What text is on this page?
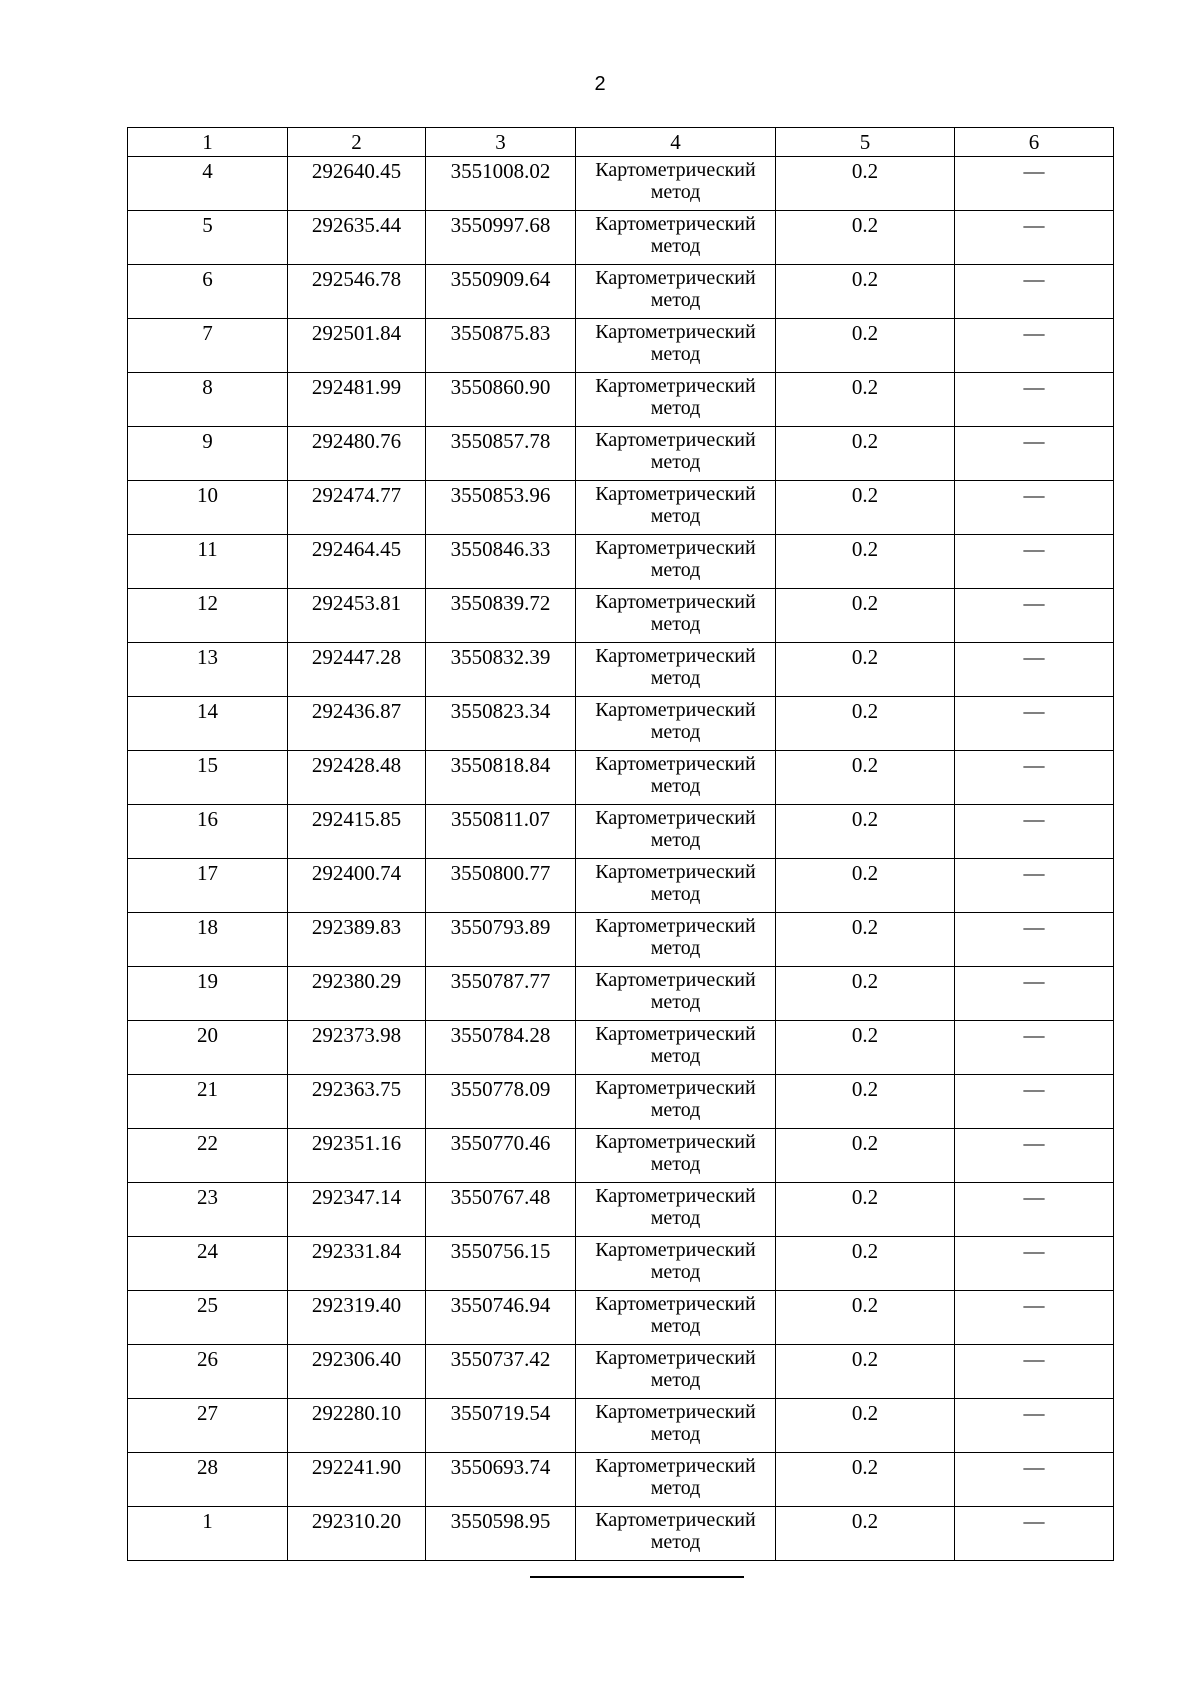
2
1	2	3	4	5	6
4	292640.45	3551008.02	Картометрический
метод	0.2	—
5	292635.44	3550997.68	Картометрический
метод	0.2	—
6	292546.78	3550909.64	Картометрический
метод	0.2	—
7	292501.84	3550875.83	Картометрический
метод	0.2	—
8	292481.99	3550860.90	Картометрический
метод	0.2	—
9	292480.76	3550857.78	Картометрический
метод	0.2	—
10	292474.77	3550853.96	Картометрический
метод	0.2	—
11	292464.45	3550846.33	Картометрический
метод	0.2	—
12	292453.81	3550839.72	Картометрический
метод	0.2	—
13	292447.28	3550832.39	Картометрический
метод	0.2	—
14	292436.87	3550823.34	Картометрический
метод	0.2	—
15	292428.48	3550818.84	Картометрический
метод	0.2	—
16	292415.85	3550811.07	Картометрический
метод	0.2	—
17	292400.74	3550800.77	Картометрический
метод	0.2	—
18	292389.83	3550793.89	Картометрический
метод	0.2	—
19	292380.29	3550787.77	Картометрический
метод	0.2	—
20	292373.98	3550784.28	Картометрический
метод	0.2	—
21	292363.75	3550778.09	Картометрический
метод	0.2	—
22	292351.16	3550770.46	Картометрический
метод	0.2	—
23	292347.14	3550767.48	Картометрический
метод	0.2	—
24	292331.84	3550756.15	Картометрический
метод	0.2	—
25	292319.40	3550746.94	Картометрический
метод	0.2	—
26	292306.40	3550737.42	Картометрический
метод	0.2	—
27	292280.10	3550719.54	Картометрический
метод	0.2	—
28	292241.90	3550693.74	Картометрический
метод	0.2	—
1	292310.20	3550598.95	Картометрический
метод	0.2	—
